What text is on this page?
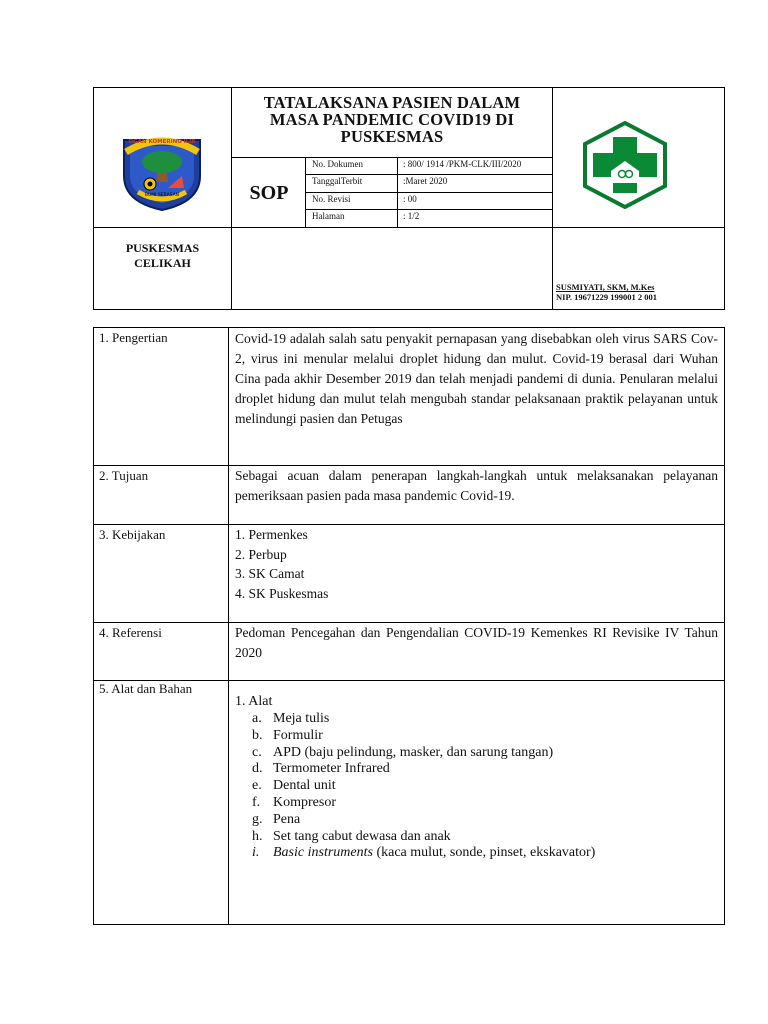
OGAN KOMERING ILIR
BUMI SERASAN
TATALAKSANA PASIEN DALAM
MASA PANDEMIC COVID19 DI
PUSKESMAS
SOP
No. Dokumen	: 800/ 1914 /PKM-CLK/III/2020
TanggalTerbit	:Maret 2020
No. Revisi	: 00
Halaman	: 1/2
PUSKESMAS
CELIKAH
SUSMIYATI, SKM, M.Kes
NIP. 19671229 199001 2 001
1. Pengertian	Covid-19 adalah salah satu penyakit pernapasan yang disebabkan oleh virus SARS Cov-2, virus ini menular melalui droplet hidung dan mulut. Covid-19 berasal dari Wuhan Cina pada akhir Desember 2019 dan telah menjadi pandemi di dunia. Penularan melalui droplet hidung dan mulut telah mengubah standar pelaksanaan praktik pelayanan untuk melindungi pasien dan Petugas
2. Tujuan	Sebagai acuan dalam penerapan langkah-langkah untuk melaksanakan pelayanan pemeriksaan pasien pada masa pandemic Covid-19.
3. Kebijakan	1. Permenkes
2. Perbup
3. SK Camat
4. SK Puskesmas
4. Referensi	Pedoman Pencegahan dan Pengendalian COVID-19 Kemenkes RI Revisike IV Tahun 2020
5. Alat dan Bahan
1. Alat
a. Meja tulis
b. Formulir
c. APD (baju pelindung, masker, dan sarung tangan)
d. Termometer Infrared
e. Dental unit
f. Kompresor
g. Pena
h. Set tang cabut dewasa dan anak
i. Basic instruments (kaca mulut, sonde, pinset, ekskavator)
